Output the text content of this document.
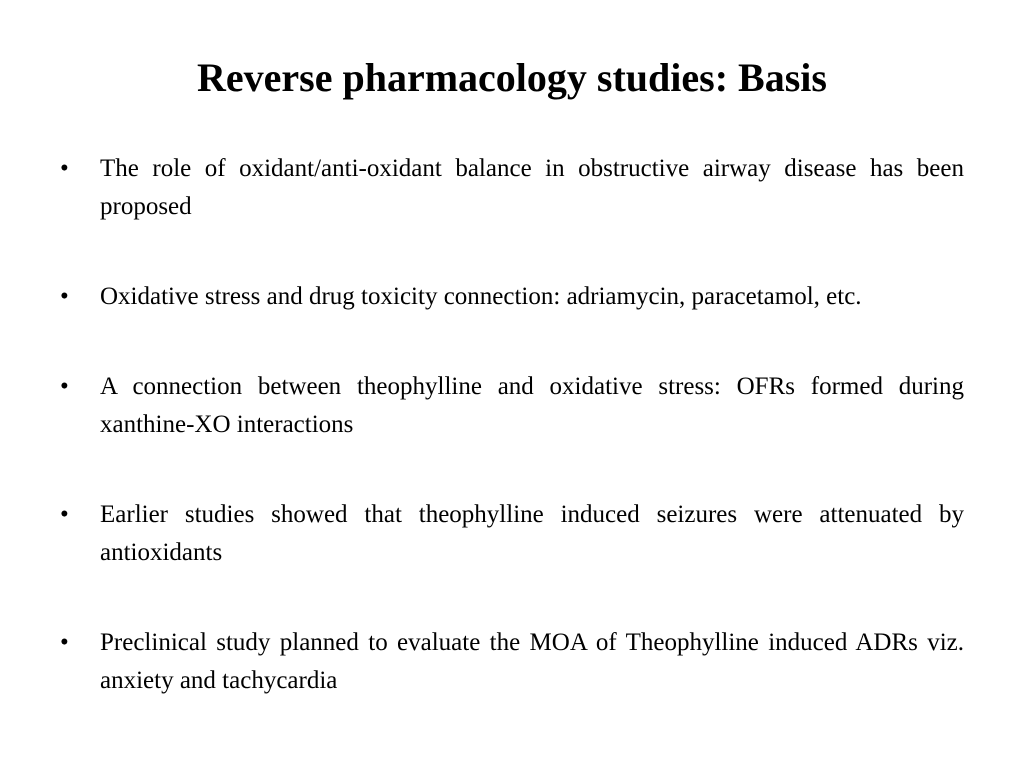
Reverse pharmacology studies: Basis
•	The role of oxidant/anti-oxidant balance in obstructive airway disease has been proposed
•	Oxidative stress and drug toxicity connection: adriamycin, paracetamol, etc.
•	A connection between theophylline and oxidative stress: OFRs formed during xanthine-XO interactions
•	Earlier studies showed that theophylline induced seizures were attenuated by antioxidants
•	Preclinical study planned to evaluate the MOA of Theophylline induced ADRs viz. anxiety and tachycardia
